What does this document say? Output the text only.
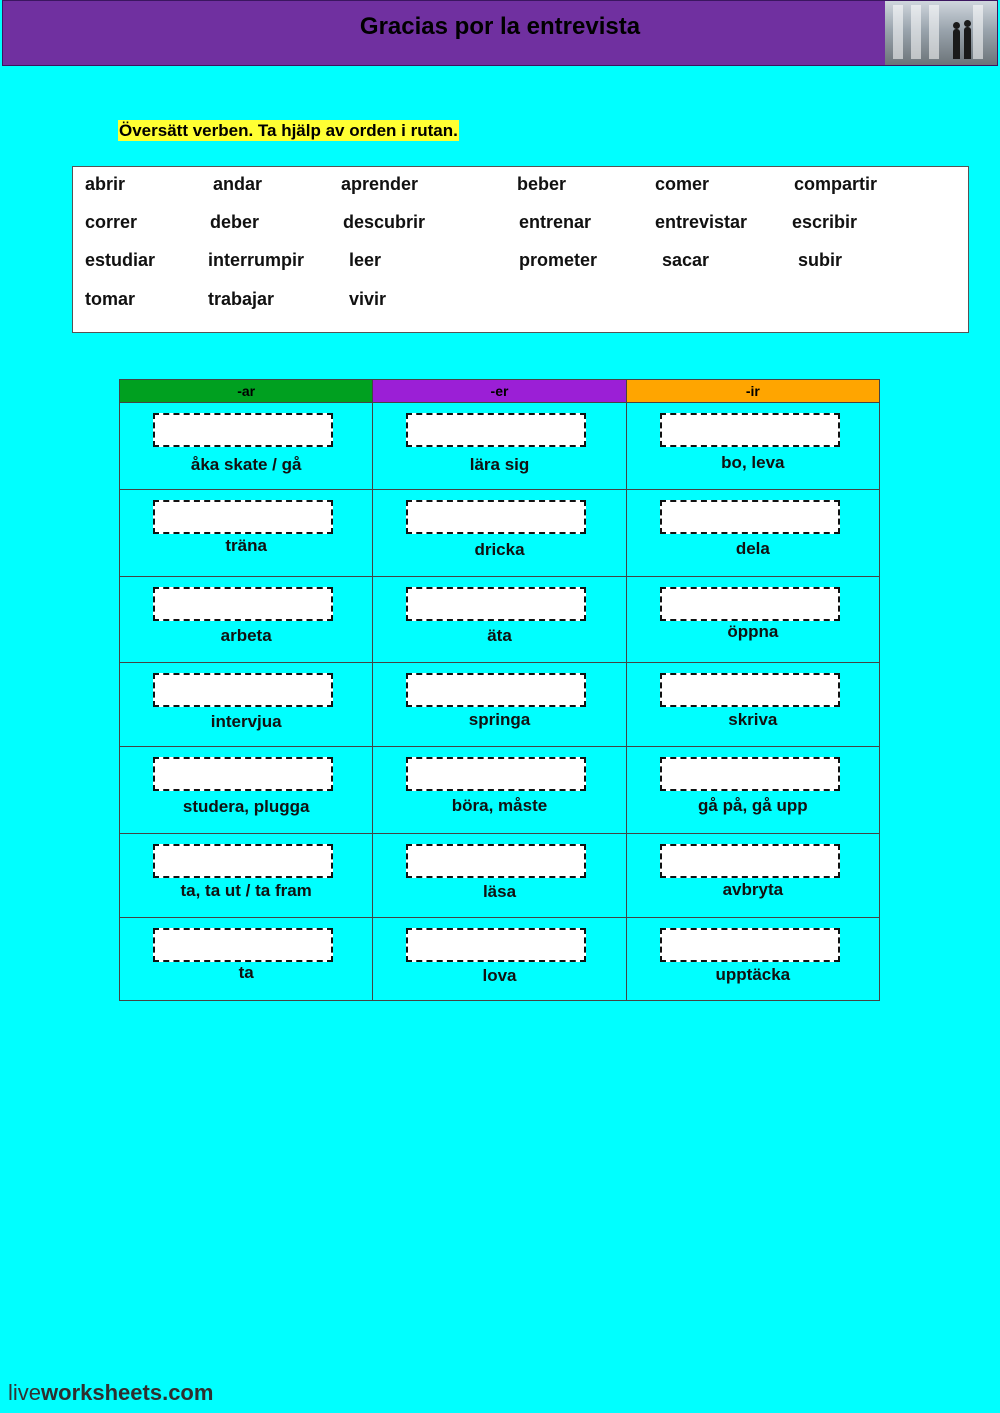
Gracias por la entrevista
Översätt verben. Ta hjälp av orden i rutan.
abrir	andar	aprender	beber	comer	compartir
correr	deber	descubrir	entrenar	entrevistar escribir
estudiar	interrumpir leer	prometer	sacar	subir
tomar	trabajar	vivir
-ar	-er	-ir

åka skate / gå	lära sig	bo, leva

träna	dricka	dela

arbeta	äta	öppna

intervjua	springa	skriva

studera, plugga	böra, måste	gå på, gå upp

ta, ta ut / ta fram	läsa	avbryta

ta	lova	upptäcka
liveworksheets.com
